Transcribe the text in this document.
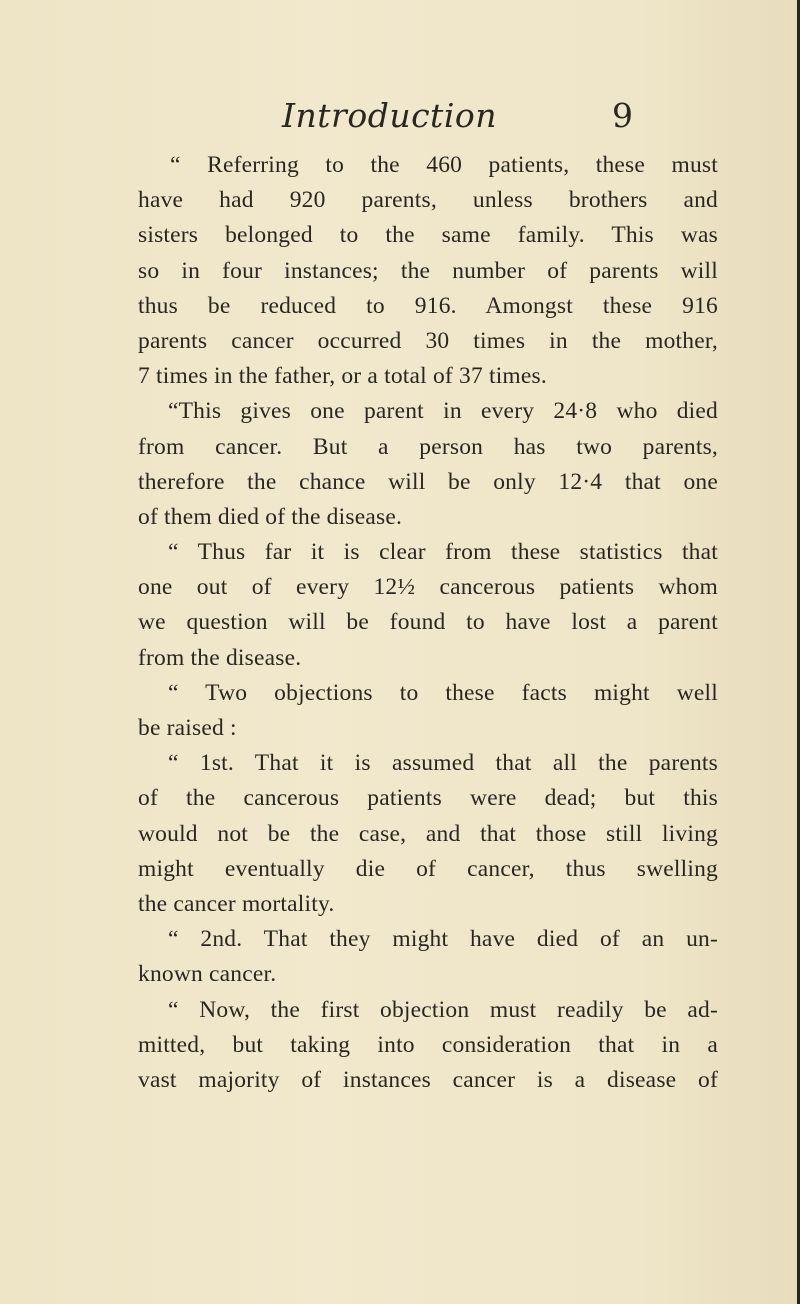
Introduction	9
“ Referring to the 460 patients, these must
have had 920 parents, unless brothers and
sisters belonged to the same family. This was
so in four instances; the number of parents will
thus be reduced to 916. Amongst these 916
parents cancer occurred 30 times in the mother,
7 times in the father, or a total of 37 times.
“This gives one parent in every 24·8 who died
from cancer. But a person has two parents,
therefore the chance will be only 12·4 that one
of them died of the disease.
“ Thus far it is clear from these statistics that
one out of every 12½ cancerous patients whom
we question will be found to have lost a parent
from the disease.
“ Two objections to these facts might well
be raised :
“ 1st. That it is assumed that all the parents
of the cancerous patients were dead; but this
would not be the case, and that those still living
might eventually die of cancer, thus swelling
the cancer mortality.
“ 2nd. That they might have died of an un-
known cancer.
“ Now, the first objection must readily be ad-
mitted, but taking into consideration that in a
vast majority of instances cancer is a disease of
